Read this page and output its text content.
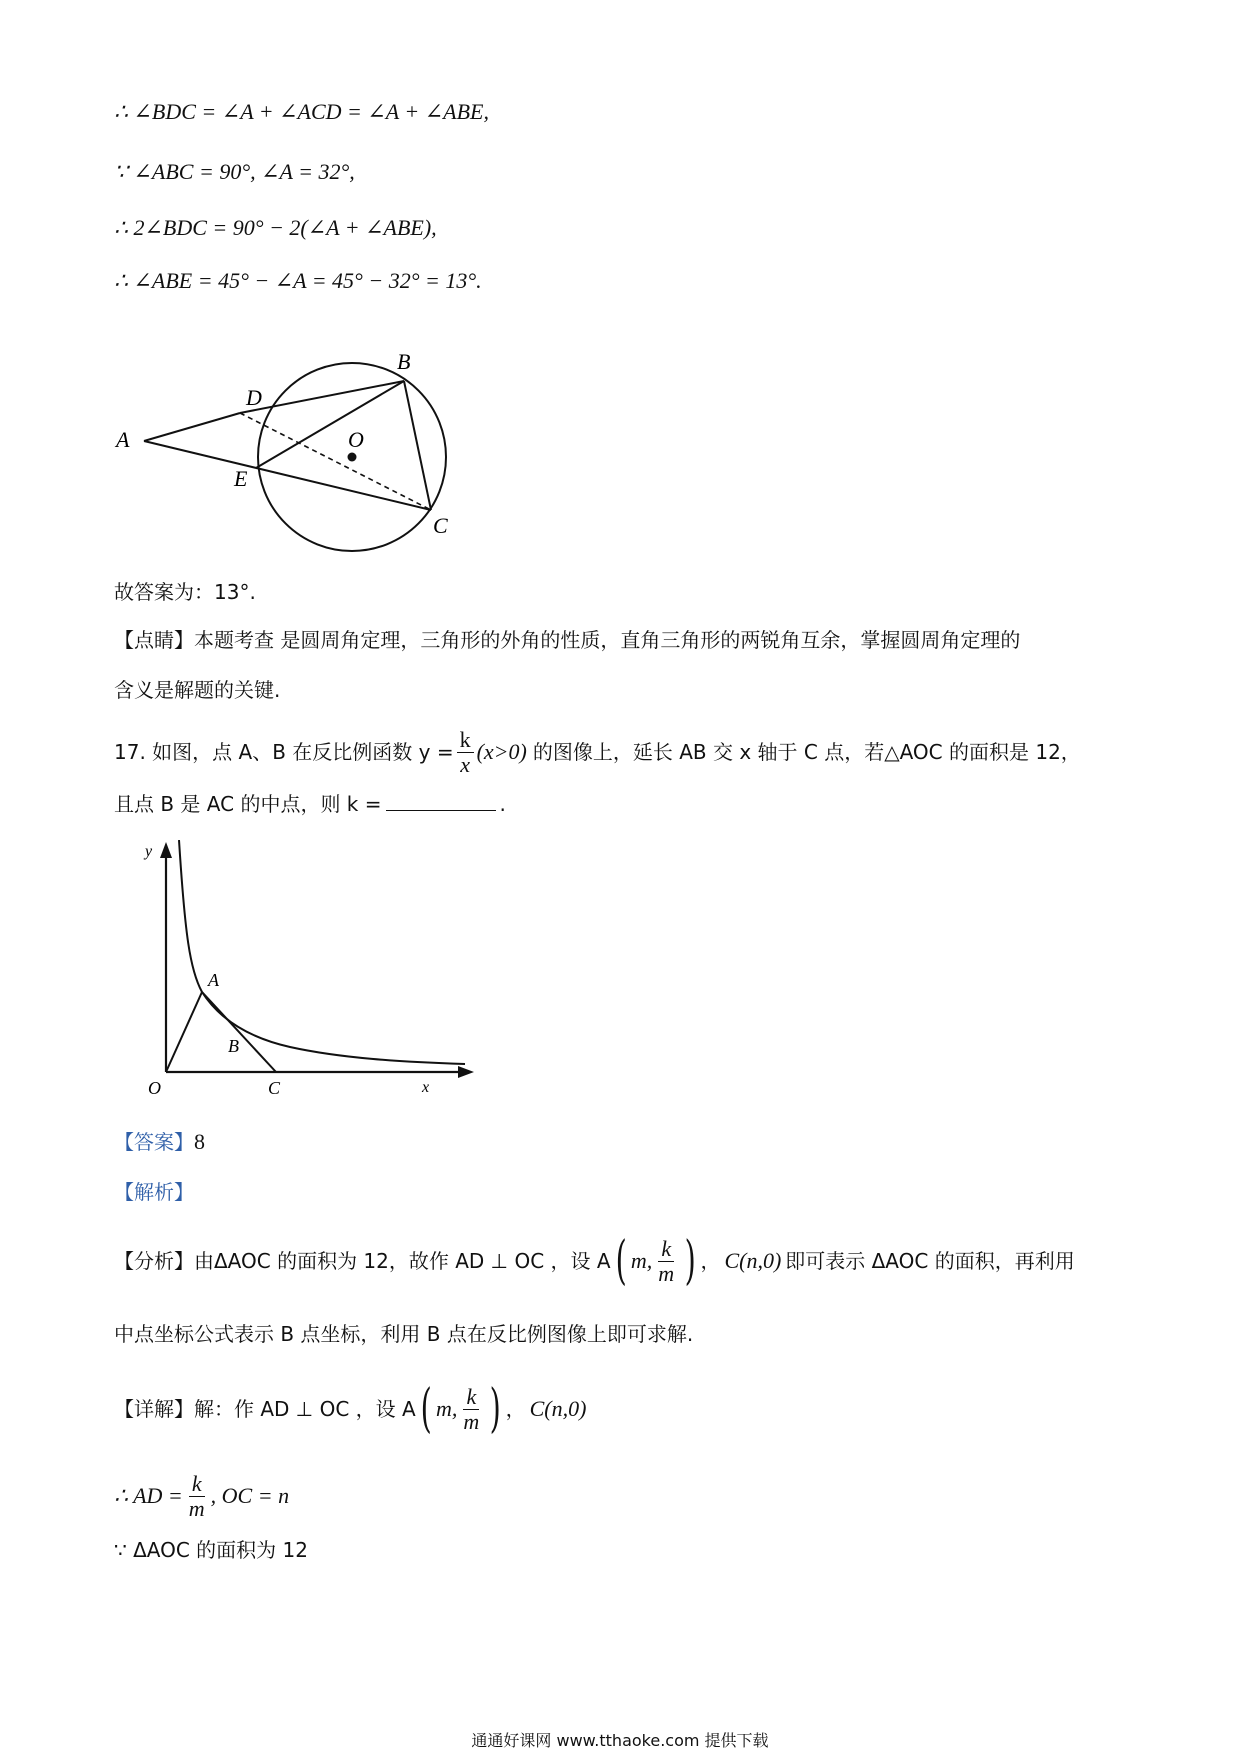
∴ ∠BDC = ∠A + ∠ACD = ∠A + ∠ABE,
∵ ∠ABC = 90°, ∠A = 32°,
∴ 2∠BDC = 90° − 2(∠A + ∠ABE),
∴ ∠ABE = 45° − ∠A = 45° − 32° = 13°.
A
B
C
D
E
O
故答案为：13°.
【点睛】本题考查 是圆周角定理，三角形的外角的性质，直角三角形的两锐角互余，掌握圆周角定理的
含义是解题的关键.
17. 如图，点 A、B 在反比例函数 $y = \frac{k}{x} (x>0)$ 的图像上，延长 AB 交 x 轴于 C 点，若△AOC 的面积是 12，
且点 B 是 AC 的中点，则 k =	.
y
x
O
A
B
C
【答案】8
【解析】
【分析】 由ΔAOC 的面积为 12，故作 AD ⊥ OC ，设 A ( m, $\frac{k}{m}$ ) ， C(n,0) 即可表示 ΔAOC 的面积，再利用
中点坐标公式表示 B 点坐标，利用 B 点在反比例图像上即可求解.
【详解】 解：作 AD ⊥ OC ，设 A ( m, $\frac{k}{m}$ ) ， C(n,0)
∴ AD = $\frac{k}{m}$ , OC = n
∵ ΔAOC 的面积为 12
通通好课网 www.tthaoke.com 提供下载
